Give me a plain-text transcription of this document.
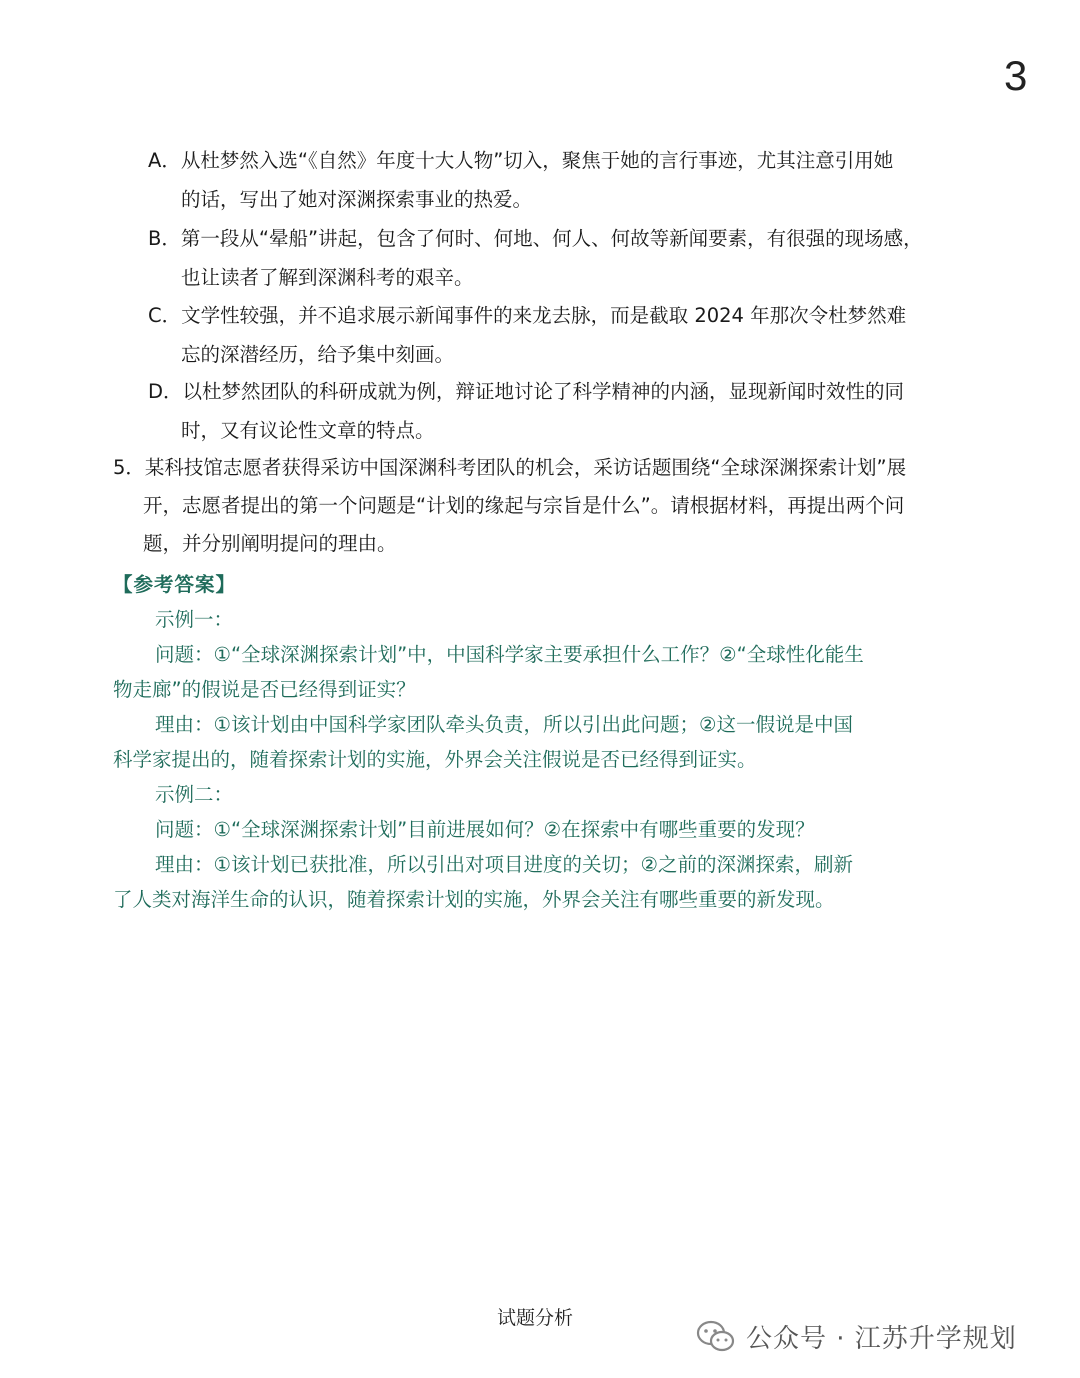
3
A．从杜梦然入选“《自然》年度十大人物”切入，聚焦于她的言行事迹，尤其注意引用她
的话，写出了她对深渊探索事业的热爱。
B．第一段从“晕船”讲起，包含了何时、何地、何人、何故等新闻要素，有很强的现场感，
也让读者了解到深渊科考的艰辛。
C．文学性较强，并不追求展示新闻事件的来龙去脉，而是截取 2024 年那次令杜梦然难
忘的深潜经历，给予集中刻画。
D．以杜梦然团队的科研成就为例，辩证地讨论了科学精神的内涵，显现新闻时效性的同
时，又有议论性文章的特点。
5．某科技馆志愿者获得采访中国深渊科考团队的机会，采访话题围绕“全球深渊探索计划”展
开，志愿者提出的第一个问题是“计划的缘起与宗旨是什么”。请根据材料，再提出两个问
题，并分别阐明提问的理由。
【参考答案】
示例一：
问题：①“全球深渊探索计划”中，中国科学家主要承担什么工作？②“全球性化能生
物走廊”的假说是否已经得到证实？
理由：①该计划由中国科学家团队牵头负责，所以引出此问题；②这一假说是中国
科学家提出的，随着探索计划的实施，外界会关注假说是否已经得到证实。
示例二：
问题：①“全球深渊探索计划”目前进展如何？②在探索中有哪些重要的发现？
理由：①该计划已获批准，所以引出对项目进度的关切；②之前的深渊探索，刷新
了人类对海洋生命的认识，随着探索计划的实施，外界会关注有哪些重要的新发现。
试题分析
公众号 · 江苏升学规划
